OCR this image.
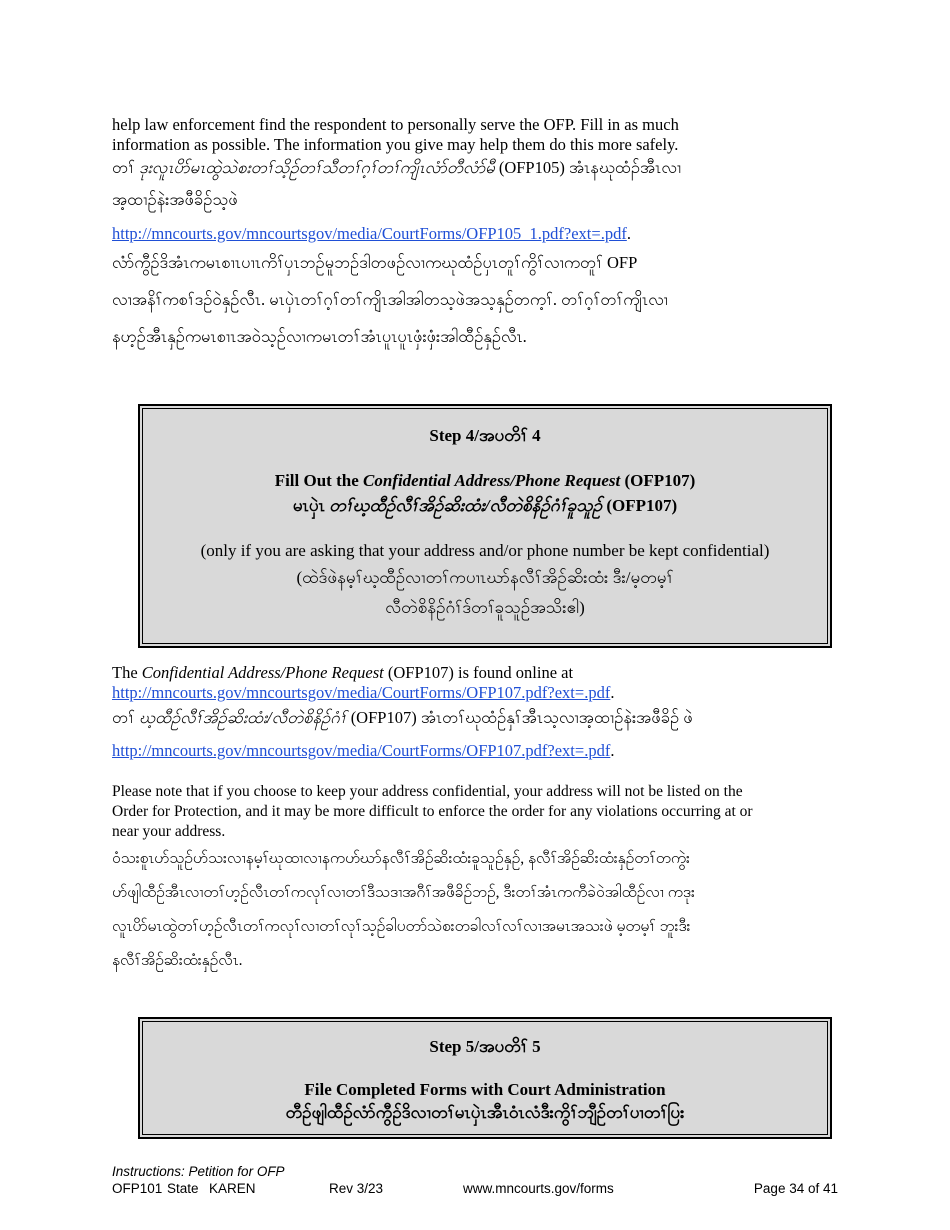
help law enforcement find the respondent to personally serve the OFP. Fill in as much

information as possible. The information you give may help them do this more safely.

တၢ် ဒုးလူၤပိာ်မၤထွဲသဲစးတၢ်သိ့ဉ်တၢ်သီတၢ်ဂ့ၢ်တၢ်ကျိၤလံာ်တီလံာ်မီ (OFP105) အံၤနဃုထံၣ်အီၤလၢ

အ့ထၢဉ်နဲးအဖီခိဉ်သ့ဖဲ

http://mncourts.gov/mncourtsgov/media/CourtForms/OFP105_1.pdf?ext=.pdf.

လံာ်ကွီဉ်ဒိအံၤကမၤစၢၤပၢၤကိၢ်ပှၤဘဉ်မူဘဉ်ဒါတဖဉ်လၢကဃုထံဉ်ပှၤတူၢ်ကွိၢ်လၢကတူၢ် OFP

လၢအနိၢ်ကစၢ်ဒဉ်ဝဲနှဉ်လီၤ. မၤပှဲၤတၢ်ဂ့ၢ်တၢ်ကျိၤအါအါတသ့ဖဲအသ့နှဉ်တက့ၢ်. တၢ်ဂ့ၢ်တၢ်ကျိၤလၢ

နဟ့ဉ်အီၤနှဉ်ကမၤစၢၤအဝဲသ့ဉ်လၢကမၤတၢ်အံၤပူၤပူၤဖှံးဖှံးအါထီဉ်နှဉ်လီၤ.

Step 4/အပတိၢ် 4

Fill Out the Confidential Address/Phone Request (OFP107)

မၤပှဲၤ တၢ်ဃ့ထီဉ်လီၢ်အိဉ်ဆိးထံး/လီတဲစိနိဉ်ဂံၢ်ခူသူဉ် (OFP107)

(only if you are asking that your address and/or phone number be kept confidential)

(ထဲဒ်ဖဲနမ့ၢ်ဃ့ထီဉ်လၢတၢ်ကပၢၤဃာ်နလီၢ်အိဉ်ဆိးထံး ဒီး/မ့တမ့ၢ်

လီတဲစိနိဉ်ဂံၢ်ဒ်တၢ်ခူသူဉ်အသိးဧါ)

The Confidential Address/Phone Request (OFP107) is found online at

http://mncourts.gov/mncourtsgov/media/CourtForms/OFP107.pdf?ext=.pdf.

တၢ် ဃ့ထီဉ်လီၢ်အိဉ်ဆိးထံး/လီတဲစိနိဉ်ဂံၢ် (OFP107) အံၤတၢ်ဃုထံဉ်နှၢ်အီၤသ့လၢအ့ထၢဉ်နဲးအဖီခိဉ် ဖဲ

http://mncourts.gov/mncourtsgov/media/CourtForms/OFP107.pdf?ext=.pdf.

Please note that if you choose to keep your address confidential, your address will not be listed on the

Order for Protection, and it may be more difficult to enforce the order for any violations occurring at or

near your address.

ဝံသးစူၤဟ်သူဉ်ဟ်သးလၢနမ့ၢ်ဃုထၢလၢနကဟ်ဃာ်နလီၢ်အိဉ်ဆိးထံးခူသူဉ်နှဉ်, နလီၢ်အိဉ်ဆိးထံးနှဉ်တၢ်တကွဲး

ဟ်ဖျါထီဉ်အီၤလၢတၢ်ဟ့ဉ်လီၤတၢ်ကလုၢ်လၢတၢ်ဒီသဒၢအဂီၢ်အဖီခိဉ်ဘဉ်, ဒီးတၢ်အံၤကကီခဲဝဲအါထီဉ်လၢ ကဒုး

လူၤပိာ်မၤထွဲတၢ်ဟ့ဉ်လီၤတၢ်ကလုၢ်လၢတၢ်လုၢ်သ့ဉ်ခါပတာ်သဲစးတခါလၢ်လၢ်လၢအမၤအသးဖဲ မ့တမ့ၢ် ဘူးဒီး

နလီၢ်အိဉ်ဆိးထံးနှဉ်လီၤ.

Step 5/အပတိၢ် 5

File Completed Forms with Court Administration

တီဉ်ဖျါထီဉ်လံာ်ကွီဉ်ဒိလၢတၢ်မၤပှဲၤအီၤဝံၤလံဒီးကွိၢ်ဘျီဉ်တၢ်ပၢတၢ်ပြး

Instructions: Petition for OFP
OFP101 State KAREN	Rev 3/23	www.mncourts.gov/forms	Page 34 of 41
